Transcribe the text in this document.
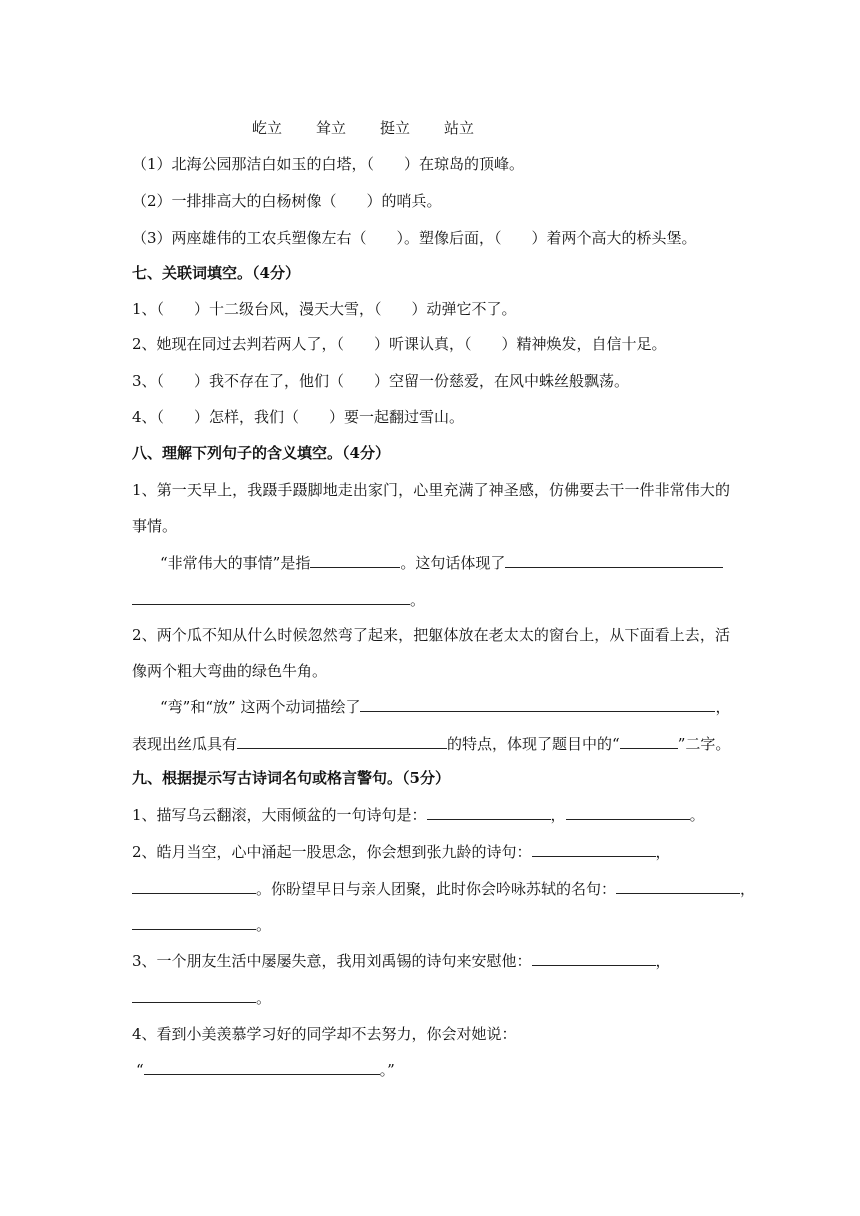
屹立 耸立 挺立 站立
（1）北海公园那洁白如玉的白塔，（　　）在琼岛的顶峰。
（2）一排排高大的白杨树像（　　）的哨兵。
（3）两座雄伟的工农兵塑像左右（　　）。塑像后面，（　　）着两个高大的桥头堡。
七、关联词填空。（4分）
1、（　　）十二级台风，漫天大雪，（　　）动弹它不了。
2、她现在同过去判若两人了，（　　）听课认真，（　　）精神焕发，自信十足。
3、（　　）我不存在了，他们（　　）空留一份慈爱，在风中蛛丝般飘荡。
4、（　　）怎样，我们（　　）要一起翻过雪山。
八、理解下列句子的含义填空。（4分）
1、第一天早上，我蹑手蹑脚地走出家门，心里充满了神圣感，仿佛要去干一件非常伟大的
事情。
“非常伟大的事情”是指	。这句话体现了
。
2、两个瓜不知从什么时候忽然弯了起来，把躯体放在老太太的窗台上，从下面看上去，活
像两个粗大弯曲的绿色牛角。
“弯”和“放” 这两个动词描绘了	，
表现出丝瓜具有	的特点，体现了题目中的“	”二字。
九、根据提示写古诗词名句或格言警句。（5分）
1、描写乌云翻滚，大雨倾盆的一句诗句是：	，	。
2、皓月当空，心中涌起一股思念，你会想到张九龄的诗句：	，
。你盼望早日与亲人团聚，此时你会吟咏苏轼的名句：	，
。
3、一个朋友生活中屡屡失意，我用刘禹锡的诗句来安慰他：	，
。
4、看到小美羡慕学习好的同学却不去努力，你会对她说：
“	。”
